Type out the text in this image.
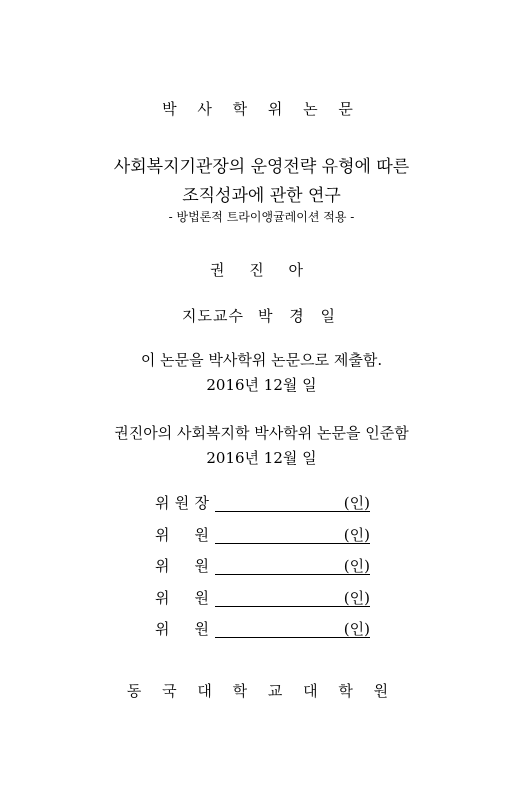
박 사 학 위 논 문
사회복지기관장의 운영전략 유형에 따른
조직성과에 관한 연구
- 방법론적 트라이앵귤레이션 적용 -
권 진 아
지도교수 박 경 일
이 논문을 박사학위 논문으로 제출함.
2016년 12월 일
권진아의 사회복지학 박사학위 논문을 인준함
2016년 12월 일
위 원 장	(인)
위 원	(인)
위 원	(인)
위 원	(인)
위 원	(인)
동 국 대 학 교 대 학 원
